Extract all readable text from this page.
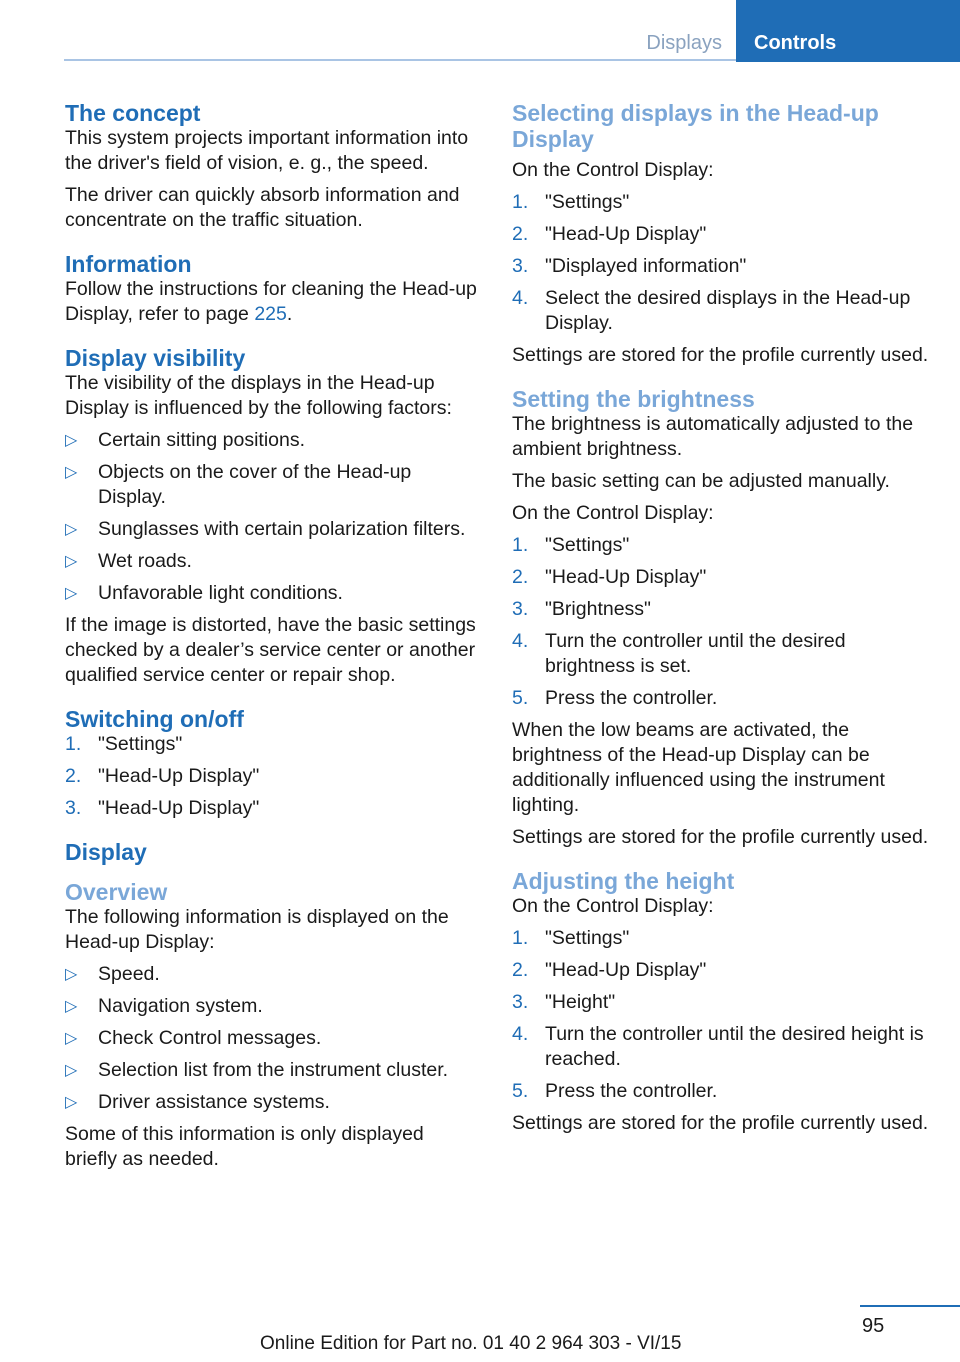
Displays	Controls
The concept

This system projects important information into the driver's field of vision, e. g., the speed.

The driver can quickly absorb information and concentrate on the traffic situation.

Information

Follow the instructions for cleaning the Head-up Display, refer to page 225.

Display visibility

The visibility of the displays in the Head-up Display is influenced by the following factors:

▷ Certain sitting positions.
▷ Objects on the cover of the Head-up Display.
▷ Sunglasses with certain polarization filters.
▷ Wet roads.
▷ Unfavorable light conditions.

If the image is distorted, have the basic settings checked by a dealer’s service center or another qualified service center or repair shop.

Switching on/off
1. "Settings"
2. "Head-Up Display"
3. "Head-Up Display"
Display
Overview

The following information is displayed on the Head-up Display:

▷ Speed.
▷ Navigation system.
▷ Check Control messages.
▷ Selection list from the instrument cluster.
▷ Driver assistance systems.

Some of this information is only displayed briefly as needed.

Selecting displays in the Head-up Display

On the Control Display:

1. "Settings"
2. "Head-Up Display"
3. "Displayed information"
4. Select the desired displays in the Head-up Display.

Settings are stored for the profile currently used.

Setting the brightness

The brightness is automatically adjusted to the ambient brightness.

The basic setting can be adjusted manually.

On the Control Display:

1. "Settings"
2. "Head-Up Display"
3. "Brightness"
4. Turn the controller until the desired brightness is set.
5. Press the controller.

When the low beams are activated, the brightness of the Head-up Display can be additionally influenced using the instrument lighting.

Settings are stored for the profile currently used.

Adjusting the height

On the Control Display:

1. "Settings"
2. "Head-Up Display"
3. "Height"
4. Turn the controller until the desired height is reached.
5. Press the controller.

Settings are stored for the profile currently used.

95
Online Edition for Part no. 01 40 2 964 303 - VI/15
